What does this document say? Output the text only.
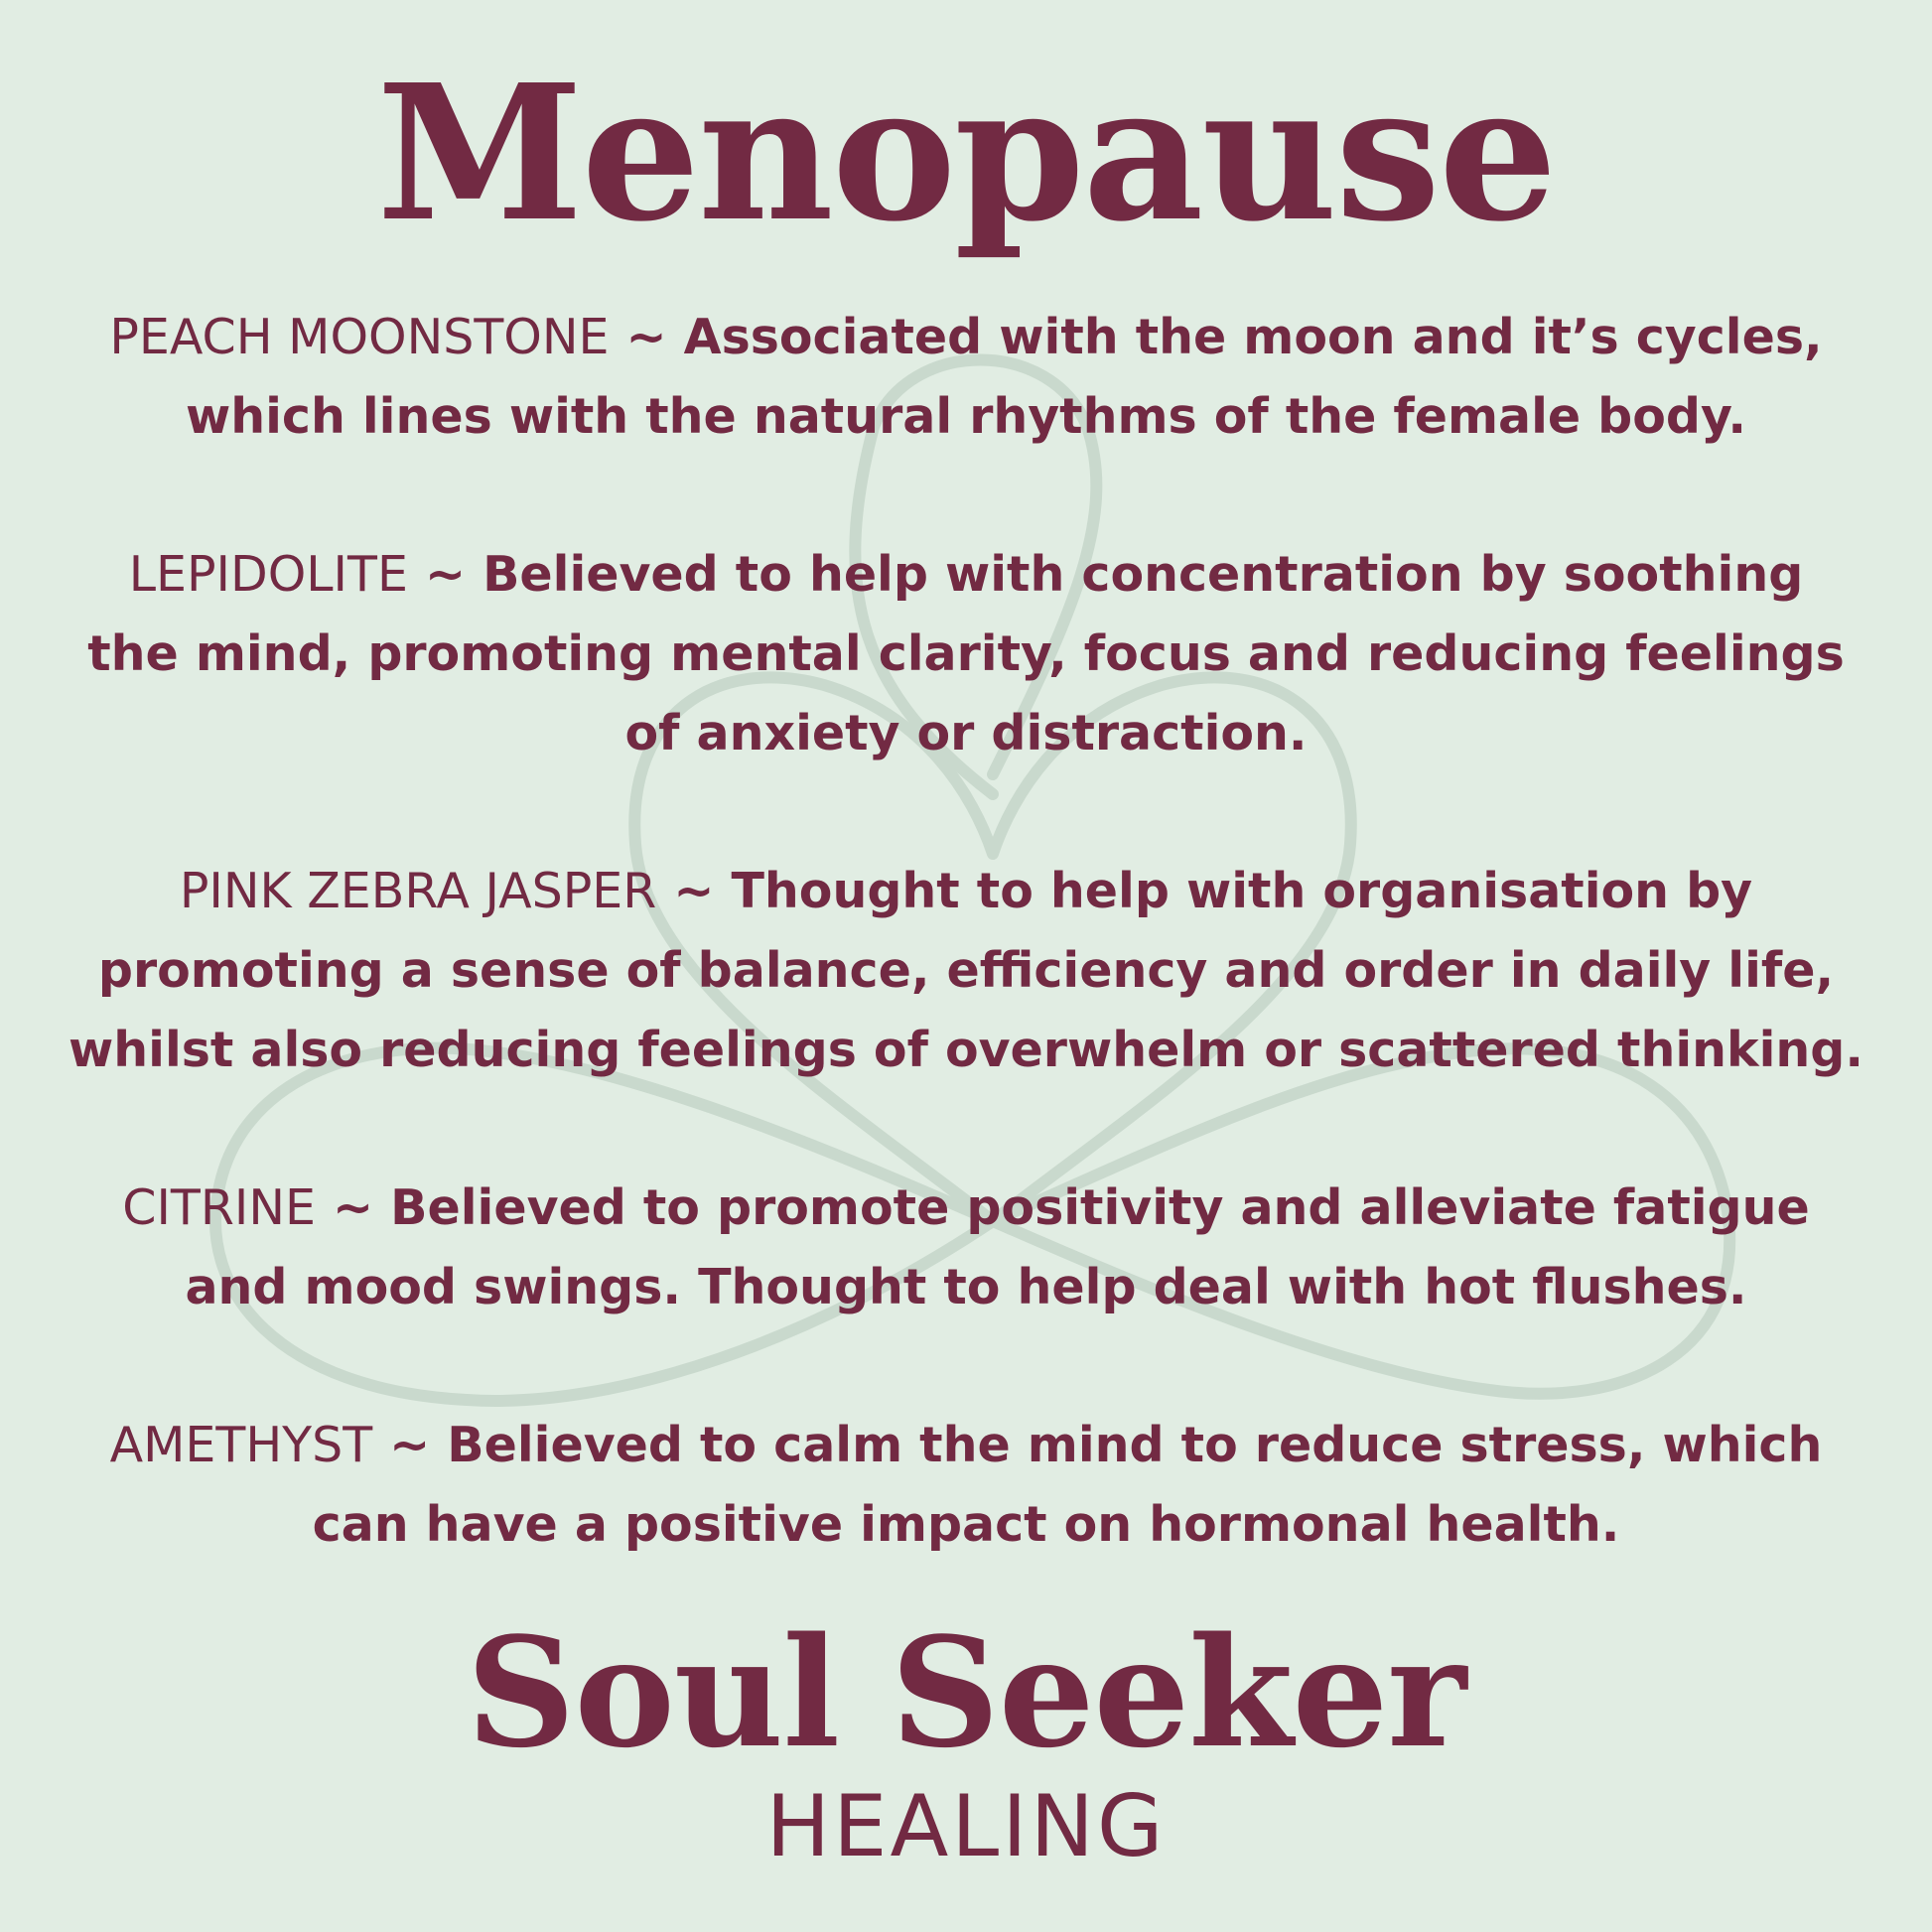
Menopause

PEACH MOONSTONE ~ Associated with the moon and it’s cycles,
which lines with the natural rhythms of the female body.

LEPIDOLITE ~ Believed to help with concentration by soothing
the mind, promoting mental clarity, focus and reducing feelings
of anxiety or distraction.

PINK ZEBRA JASPER ~ Thought to help with organisation by
promoting a sense of balance, efficiency and order in daily life,
whilst also reducing feelings of overwhelm or scattered thinking.

CITRINE ~ Believed to promote positivity and alleviate fatigue
and mood swings. Thought to help deal with hot flushes.

AMETHYST ~ Believed to calm the mind to reduce stress, which
can have a positive impact on hormonal health.

Soul Seeker
HEALING
